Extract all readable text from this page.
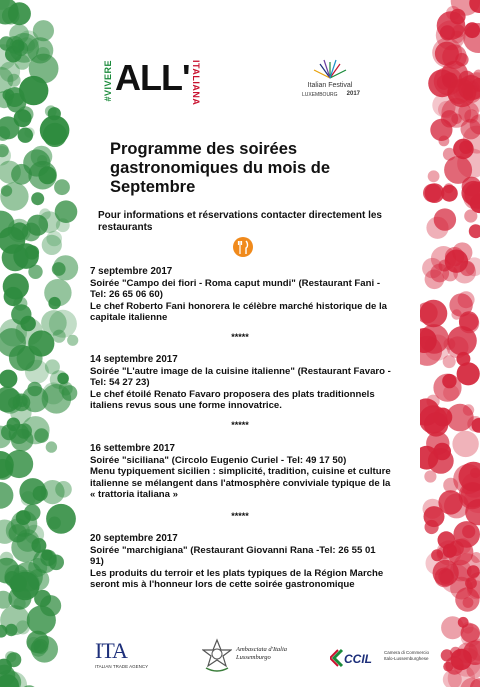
#VIVERE ALL' ITALIANA	Italian Festival
LUXEMBOURG 2017
Programme des soirées gastronomiques du mois de Septembre
Pour informations et réservations contacter directement les restaurants
7 septembre 2017
Soirée "Campo dei fiori - Roma caput mundi" (Restaurant Fani - Tel: 26 65 06 60)
Le chef Roberto Fani honorera le célèbre marché historique de la capitale italienne
*****
14 septembre 2017
Soirée "L'autre image de la cuisine italienne" (Restaurant Favaro - Tel: 54 27 23)
Le chef étoilé Renato Favaro proposera des plats traditionnels italiens revus sous une forme innovatrice.
*****
16 settembre 2017
Soirée "siciliana" (Circolo Eugenio Curiel - Tel: 49 17 50)
Menu typiquement sicilien : simplicité, tradition, cuisine et culture italienne se mélangent dans l'atmosphère conviviale typique de la « trattoria italiana »
*****
20 septembre 2017
Soirée "marchigiana" (Restaurant Giovanni Rana -Tel: 26 55 01 91)
Les produits du terroir et les plats typiques de la Région Marche seront mis à l'honneur lors de cette soirée gastronomique
ITA
ITALIAN TRADE AGENCY
Ambasciata d'Italia
Lussemburgo	CCIL	Camera di Commercio
Italo-Lussemburghese
